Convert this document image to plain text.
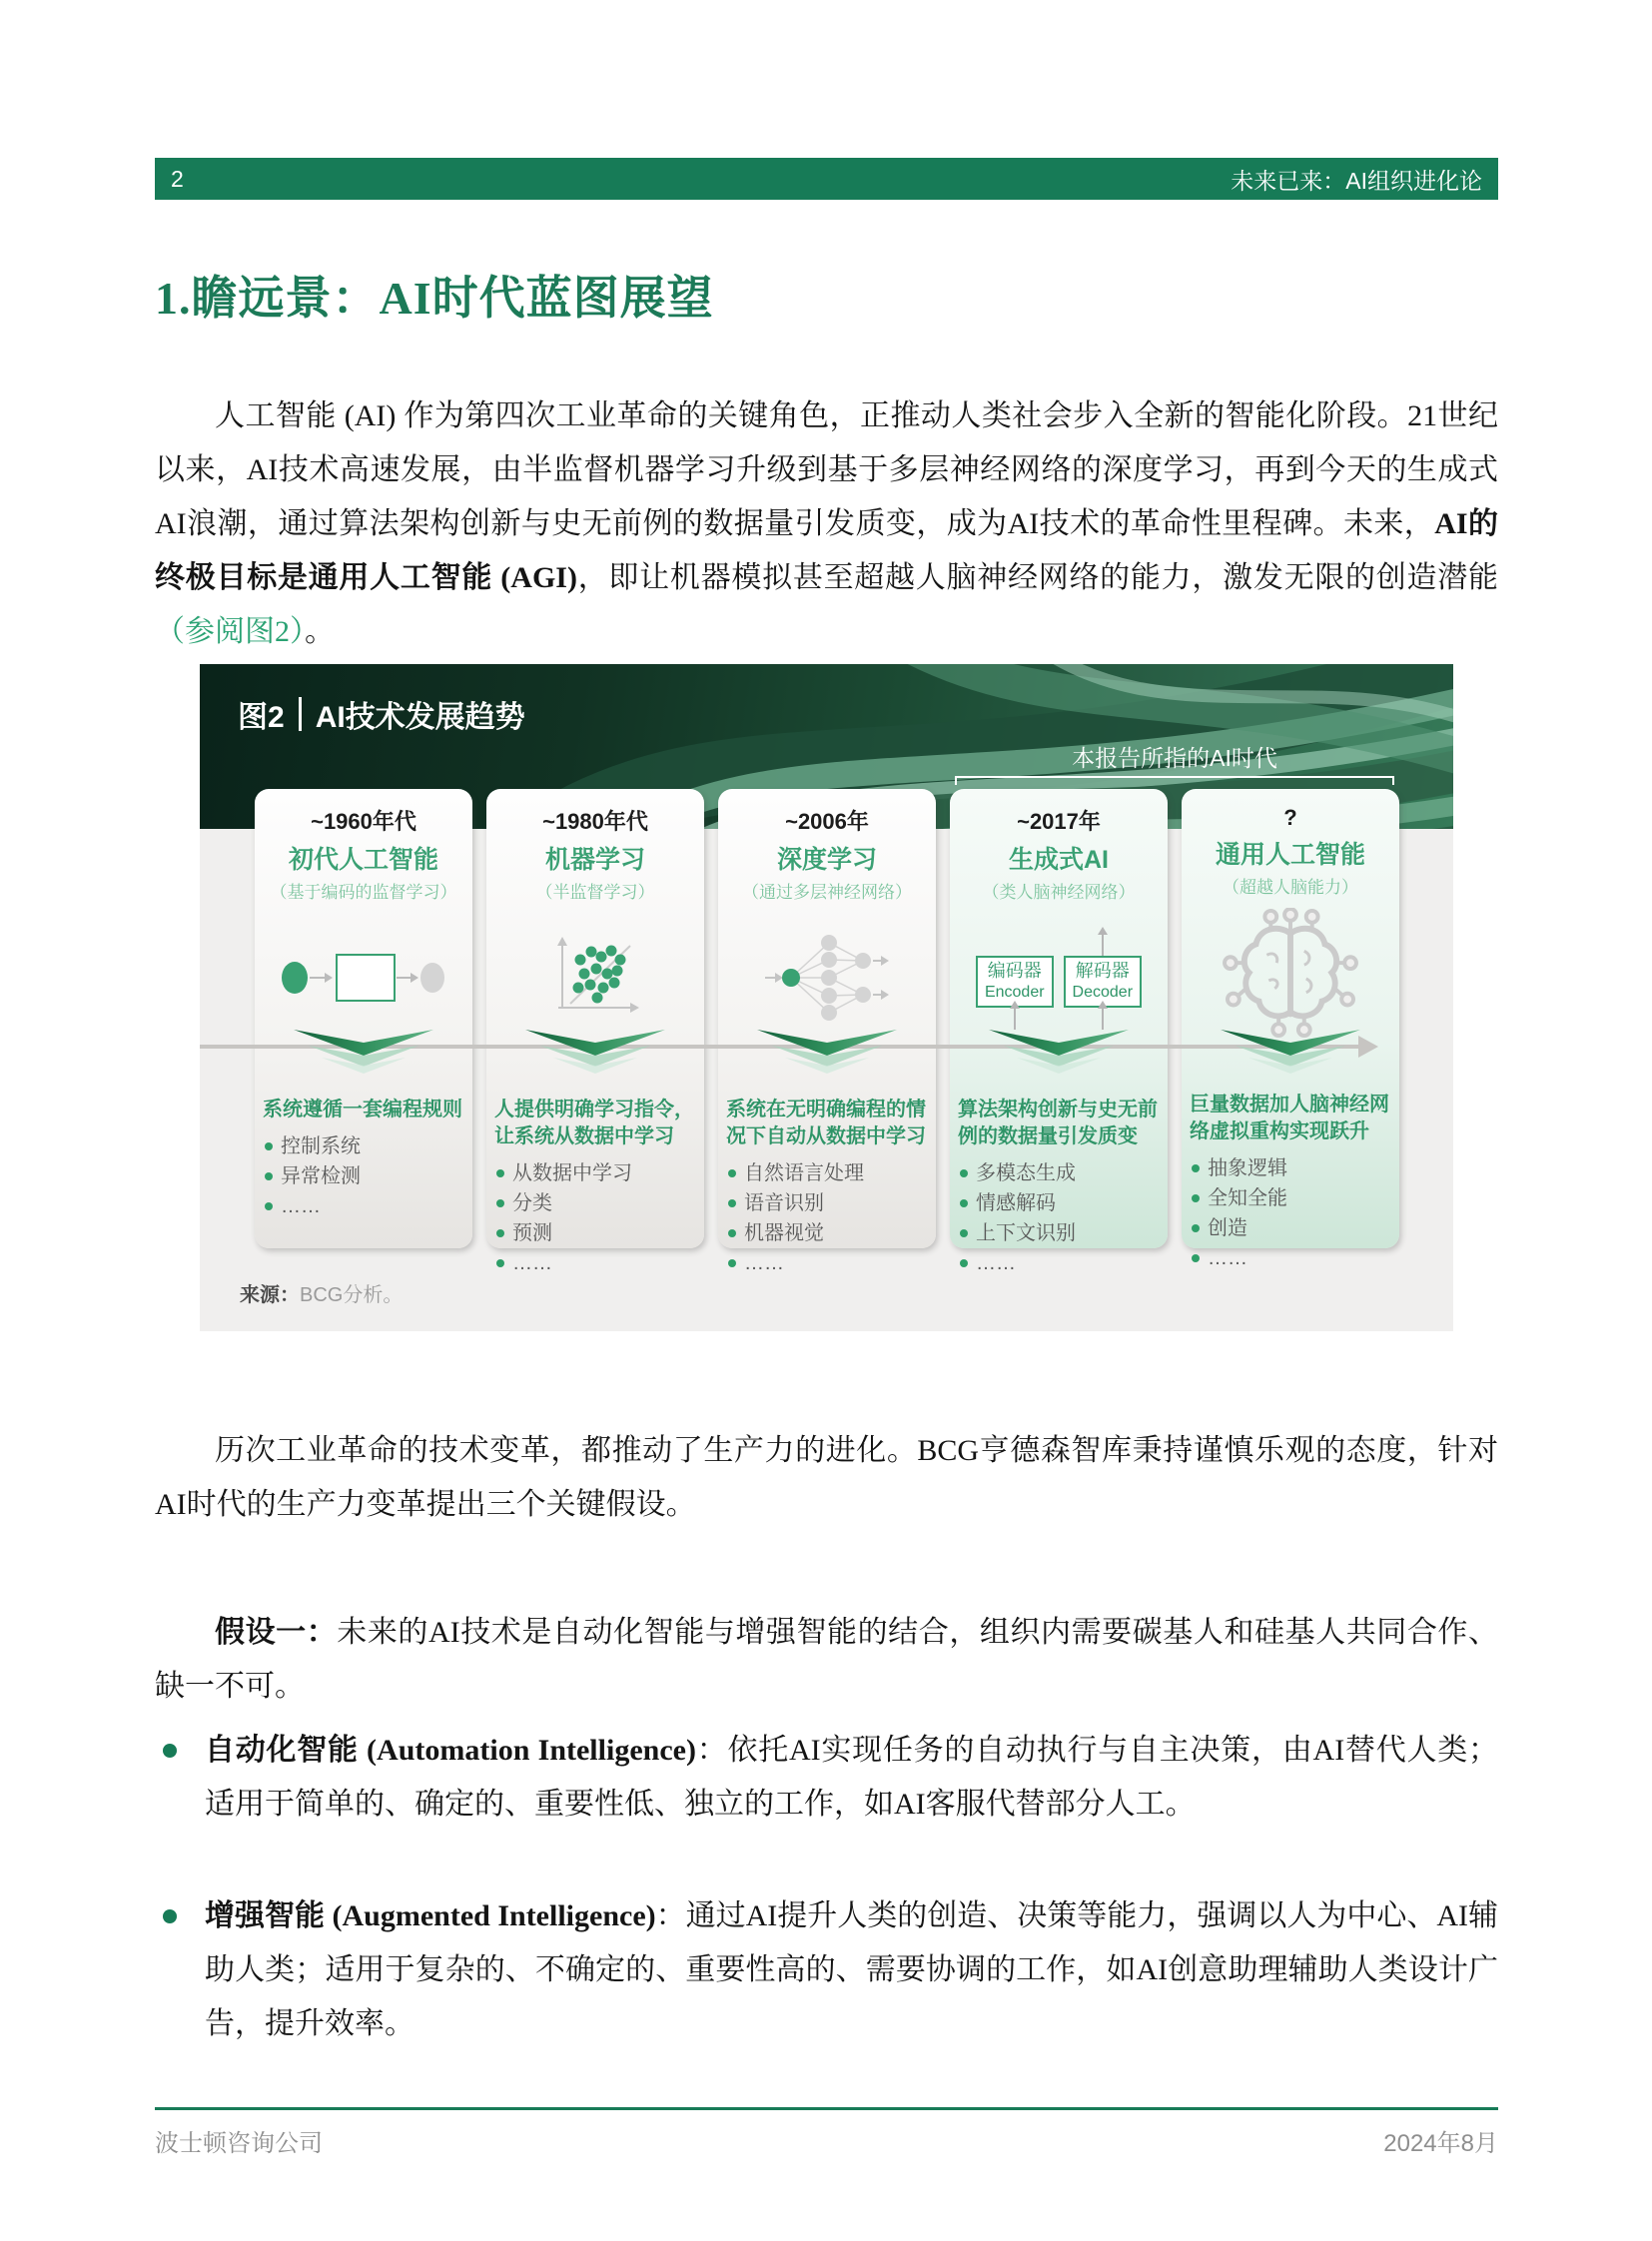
2	未来已来：AI组织进化论
1.瞻远景：AI时代蓝图展望

人工智能 (AI) 作为第四次工业革命的关键角色，正推动人类社会步入全新的智能化阶段。21世纪以来，AI技术高速发展，由半监督机器学习升级到基于多层神经网络的深度学习，再到今天的生成式AI浪潮，通过算法架构创新与史无前例的数据量引发质变，成为AI技术的革命性里程碑。未来，AI的终极目标是通用人工智能 (AGI)，即让机器模拟甚至超越人脑神经网络的能力，激发无限的创造潜能（参阅图2）。

图2 AI技术发展趋势
本报告所指的AI时代
~1960年代
初代人工智能
（基于编码的监督学习）

系统遵循一套编程规则

控制系统
异常检测
……
~1980年代
机器学习
（半监督学习）

人提供明确学习指令，让系统从数据中学习

从数据中学习
分类
预测
……
~2006年
深度学习
（通过多层神经网络）

系统在无明确编程的情况下自动从数据中学习

自然语言处理
语音识别
机器视觉
……
~2017年
生成式AI
（类人脑神经网络）
编码器
Encoder
解码器
Decoder

算法架构创新与史无前例的数据量引发质变

多模态生成
情感解码
上下文识别
……
?
通用人工智能
（超越人脑能力）

巨量数据加人脑神经网络虚拟重构实现跃升

抽象逻辑
全知全能
创造
……
来源：BCG分析。

历次工业革命的技术变革，都推动了生产力的进化。BCG亨德森智库秉持谨慎乐观的态度，针对AI时代的生产力变革提出三个关键假设。

假设一：未来的AI技术是自动化智能与增强智能的结合，组织内需要碳基人和硅基人共同合作、缺一不可。

自动化智能 (Automation Intelligence)：依托AI实现任务的自动执行与自主决策，由AI替代人类；适用于简单的、确定的、重要性低、独立的工作，如AI客服代替部分人工。
增强智能 (Augmented Intelligence)：通过AI提升人类的创造、决策等能力，强调以人为中心、AI辅助人类；适用于复杂的、不确定的、重要性高的、需要协调的工作，如AI创意助理辅助人类设计广告，提升效率。
波士顿咨询公司	2024年8月
